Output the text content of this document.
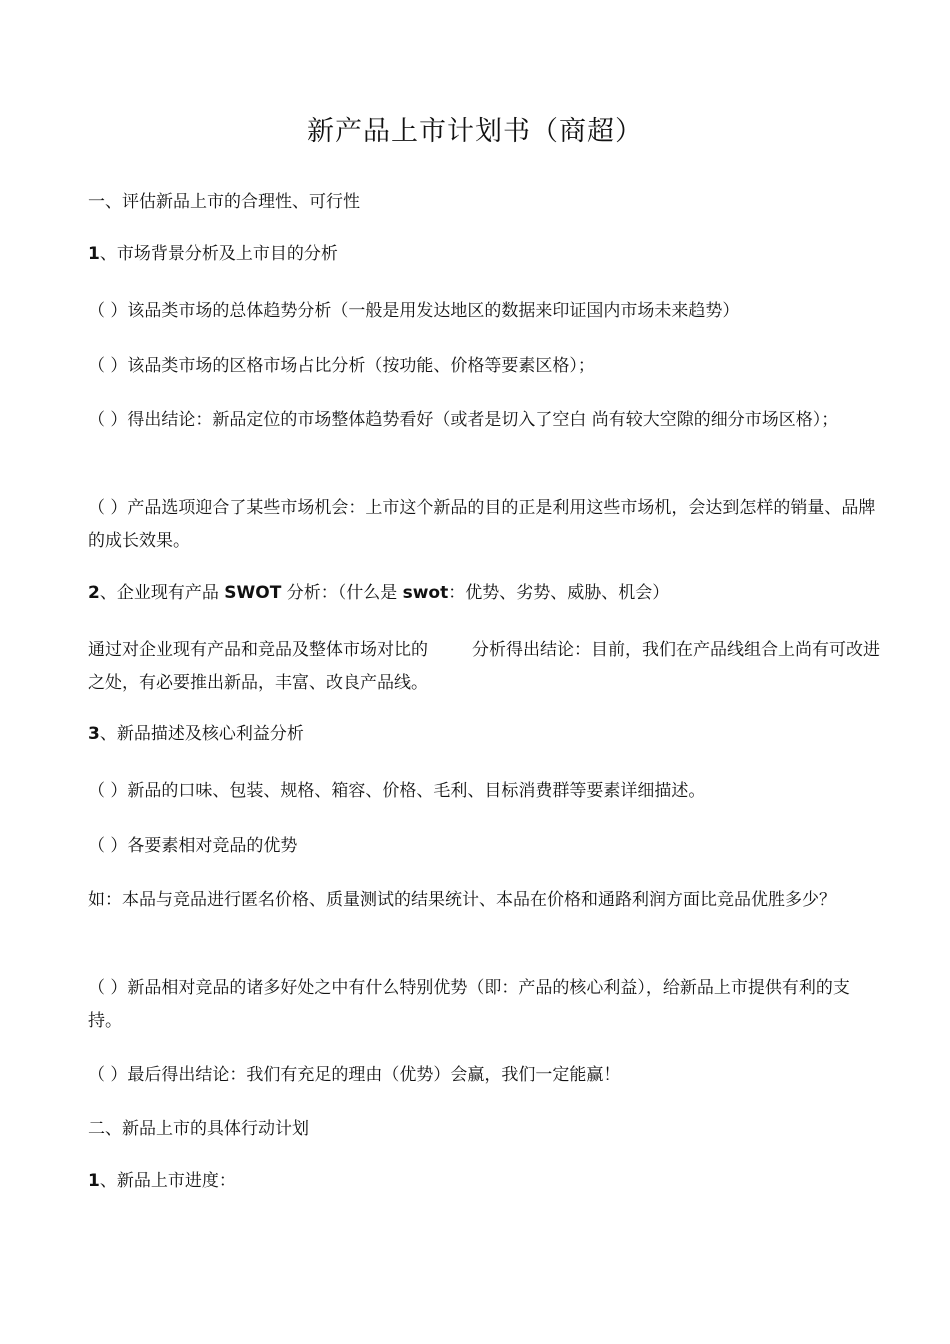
新产品上市计划书（商超）
一、评估新品上市的合理性、可行性
1、市场背景分析及上市目的分析
（ ）该品类市场的总体趋势分析（一般是用发达地区的数据来印证国内市场未来趋势）
（ ）该品类市场的区格市场占比分析（按功能、价格等要素区格）；
（ ）得出结论：新品定位的市场整体趋势看好（或者是切入了空白 尚有较大空隙的细分市场区格）；
（ ）产品选项迎合了某些市场机会：上市这个新品的目的正是利用这些市场机，会达到怎样的销量、品牌的成长效果。
2、企业现有产品 SWOT 分析：（什么是 swot：优势、劣势、威胁、机会）
通过对企业现有产品和竞品及整体市场对比的	分析得出结论：目前，我们在产品线组合上尚有可改进之处，有必要推出新品，丰富、改良产品线。
3、新品描述及核心利益分析
（ ）新品的口味、包装、规格、箱容、价格、毛利、目标消费群等要素详细描述。
（ ）各要素相对竞品的优势
如：本品与竞品进行匿名价格、质量测试的结果统计、本品在价格和通路利润方面比竞品优胜多少？
（ ）新品相对竞品的诸多好处之中有什么特别优势（即：产品的核心利益），给新品上市提供有利的支持。
（ ）最后得出结论：我们有充足的理由（优势）会赢，我们一定能赢！
二、新品上市的具体行动计划
1、新品上市进度：
